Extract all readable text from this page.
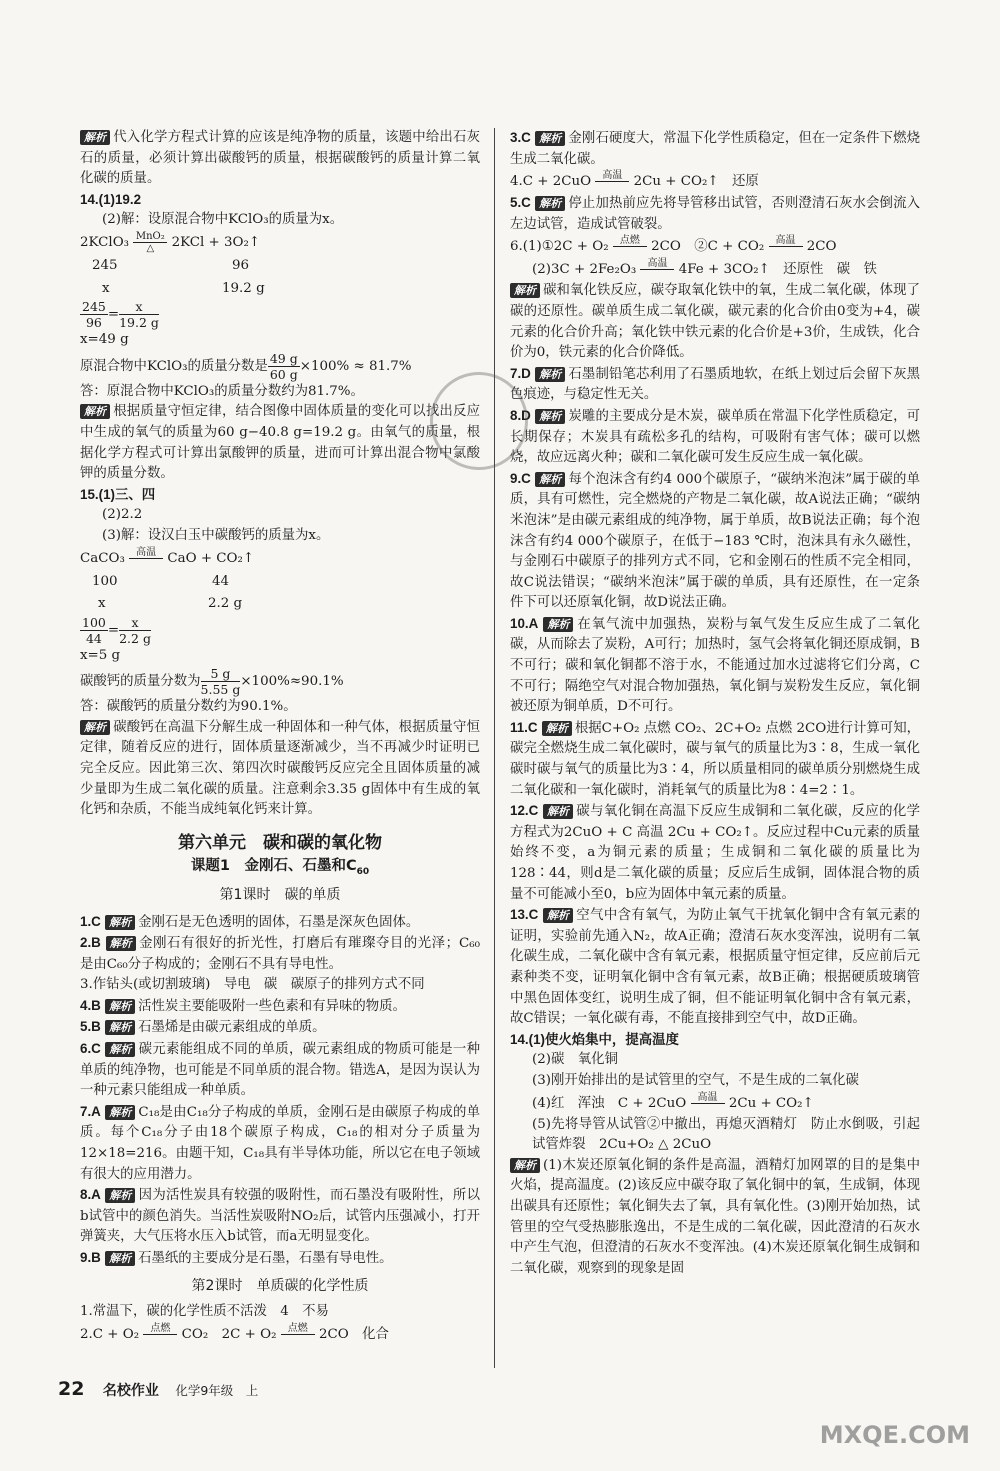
解析 代入化学方程式计算的应该是纯净物的质量，该题中给出石灰石的质量，必须计算出碳酸钙的质量，根据碳酸钙的质量计算二氧化碳的质量。

14.(1)19.2

(2)解：设原混合物中KClO₃的质量为x。

2KClO₃ MnO₂
△	2KCl + 3O₂↑

245	96
x	19.2 g

$\frac{245}{96} = \frac{x}{19.2 g}$

x=49 g

原混合物中KClO₃的质量分数是 $\frac{49 g}{60 g} \times 100\% \approx 81.7\%$

答：原混合物中KClO₃的质量分数约为81.7%。

解析 根据质量守恒定律，结合图像中固体质量的变化可以找出反应中生成的氧气的质量为60 g−40.8 g=19.2 g。由氧气的质量，根据化学方程式可计算出氯酸钾的质量，进而可计算出混合物中氯酸钾的质量分数。

15.(1)三、四

(2)2.2

(3)解：设汉白玉中碳酸钙的质量为x。

CaCO₃	高温
CaO + CO₂↑

100	44
x	2.2 g

$\frac{100}{44} = \frac{x}{2.2 g}$

x=5 g

碳酸钙的质量分数为 $\frac{5 g}{5.55 g} \times 100\%\approx 90.1\%$

答：碳酸钙的质量分数约为90.1%。

解析 碳酸钙在高温下分解生成一种固体和一种气体，根据质量守恒定律，随着反应的进行，固体质量逐渐减少，当不再减少时证明已完全反应。因此第三次、第四次时碳酸钙反应完全且固体质量的减少量即为生成二氧化碳的质量。注意剩余3.35 g固体中有生成的氧化钙和杂质，不能当成纯氧化钙来计算。

第六单元　碳和碳的氧化物
课题1　金刚石、石墨和$C_{60}$
第1课时　碳的单质

1.C 解析 金刚石是无色透明的固体，石墨是深灰色固体。

2.B 解析 金刚石有很好的折光性，打磨后有璀璨夺目的光泽；C₆₀是由C₆₀分子构成的；金刚石不具有导电性。

3.作钻头(或切割玻璃)　导电　碳　碳原子的排列方式不同

4.B 解析 活性炭主要能吸附一些色素和有异味的物质。

5.B 解析 石墨烯是由碳元素组成的单质。

6.C 解析 碳元素能组成不同的单质，碳元素组成的物质可能是一种单质的纯净物，也可能是不同单质的混合物。错选A，是因为误认为一种元素只能组成一种单质。

7.A 解析 C₁₈是由C₁₈分子构成的单质，金刚石是由碳原子构成的单质。每个C₁₈分子由18个碳原子构成，C₁₈的相对分子质量为12×18=216。由题干知，C₁₈具有半导体功能，所以它在电子领域有很大的应用潜力。

8.A 解析 因为活性炭具有较强的吸附性，而石墨没有吸附性，所以b试管中的颜色消失。当活性炭吸附NO₂后，试管内压强减小，打开弹簧夹，大气压将水压入b试管，而a无明显变化。

9.B 解析 石墨纸的主要成分是石墨，石墨有导电性。

第2课时　单质碳的化学性质

1.常温下，碳的化学性质不活泼　4　不易

2.C + O₂	点燃
CO₂　2C + O₂	点燃
2CO　化合

3.C 解析 金刚石硬度大，常温下化学性质稳定，但在一定条件下燃烧生成二氧化碳。

4.C + 2CuO	高温
2Cu + CO₂↑　还原

5.C 解析 停止加热前应先将导管移出试管，否则澄清石灰水会倒流入左边试管，造成试管破裂。

6.(1)①2C + O₂	点燃
2CO　②C + CO₂	高温
2CO

(2)3C + 2Fe₂O₃	高温
4Fe + 3CO₂↑　还原性　碳　铁

解析 碳和氧化铁反应，碳夺取氧化铁中的氧，生成二氧化碳，体现了碳的还原性。碳单质生成二氧化碳，碳元素的化合价由0变为+4，碳元素的化合价升高；氧化铁中铁元素的化合价是+3价，生成铁，化合价为0，铁元素的化合价降低。

7.D 解析 石墨制铅笔芯利用了石墨质地软，在纸上划过后会留下灰黑色痕迹，与稳定性无关。

8.D 解析 炭雕的主要成分是木炭，碳单质在常温下化学性质稳定，可长期保存；木炭具有疏松多孔的结构，可吸附有害气体；碳可以燃烧，故应远离火种；碳和二氧化碳可发生反应生成一氧化碳。

9.C 解析 每个泡沫含有约4 000个碳原子，“碳纳米泡沫”属于碳的单质，具有可燃性，完全燃烧的产物是二氧化碳，故A说法正确；“碳纳米泡沫”是由碳元素组成的纯净物，属于单质，故B说法正确；每个泡沫含有约4 000个碳原子，在低于−183 ℃时，泡沫具有永久磁性，与金刚石中碳原子的排列方式不同，它和金刚石的性质不完全相同，故C说法错误；“碳纳米泡沫”属于碳的单质，具有还原性，在一定条件下可以还原氧化铜，故D说法正确。

10.A 解析 在氧气流中加强热，炭粉与氧气发生反应生成了二氧化碳，从而除去了炭粉，A可行；加热时，氢气会将氧化铜还原成铜，B不可行；碳和氧化铜都不溶于水，不能通过加水过滤将它们分离，C不可行；隔绝空气对混合物加强热，氧化铜与炭粉发生反应，氧化铜被还原为铜单质，D不可行。

11.C 解析 根据C+O₂ 点燃 CO₂、2C+O₂ 点燃 2CO进行计算可知，碳完全燃烧生成二氧化碳时，碳与氧气的质量比为3∶8，生成一氧化碳时碳与氧气的质量比为3∶4，所以质量相同的碳单质分别燃烧生成二氧化碳和一氧化碳时，消耗氧气的质量比为8∶4=2∶1。

12.C 解析 碳与氧化铜在高温下反应生成铜和二氧化碳，反应的化学方程式为2CuO + C 高温 2Cu + CO₂↑。反应过程中Cu元素的质量始终不变，a为铜元素的质量；生成铜和二氧化碳的质量比为128∶44，则d是二氧化碳的质量；反应后生成铜，固体混合物的质量不可能减小至0，b应为固体中氧元素的质量。

13.C 解析 空气中含有氧气，为防止氧气干扰氧化铜中含有氧元素的证明，实验前先通入N₂，故A正确；澄清石灰水变浑浊，说明有二氧化碳生成，二氧化碳中含有氧元素，根据质量守恒定律，反应前后元素种类不变，证明氧化铜中含有氧元素，故B正确；根据硬质玻璃管中黑色固体变红，说明生成了铜，但不能证明氧化铜中含有氧元素，故C错误；一氧化碳有毒，不能直接排到空气中，故D正确。

14.(1)使火焰集中，提高温度

(2)碳　氧化铜

(3)刚开始排出的是试管里的空气，不是生成的二氧化碳

(4)红　浑浊　C + 2CuO	高温
2Cu + CO₂↑

(5)先将导管从试管②中撤出，再熄灭酒精灯　防止水倒吸，引起试管炸裂　2Cu+O₂ △ 2CuO

解析 (1)木炭还原氧化铜的条件是高温，酒精灯加网罩的目的是集中火焰，提高温度。(2)该反应中碳夺取了氧化铜中的氧，生成铜，体现出碳具有还原性；氧化铜失去了氧，具有氧化性。(3)刚开始加热，试管里的空气受热膨胀逸出，不是生成的二氧化碳，因此澄清的石灰水中产生气泡，但澄清的石灰水不变浑浊。(4)木炭还原氧化铜生成铜和二氧化碳，观察到的现象是固

22 名校作业 化学9年级　上
MXQE.COM
